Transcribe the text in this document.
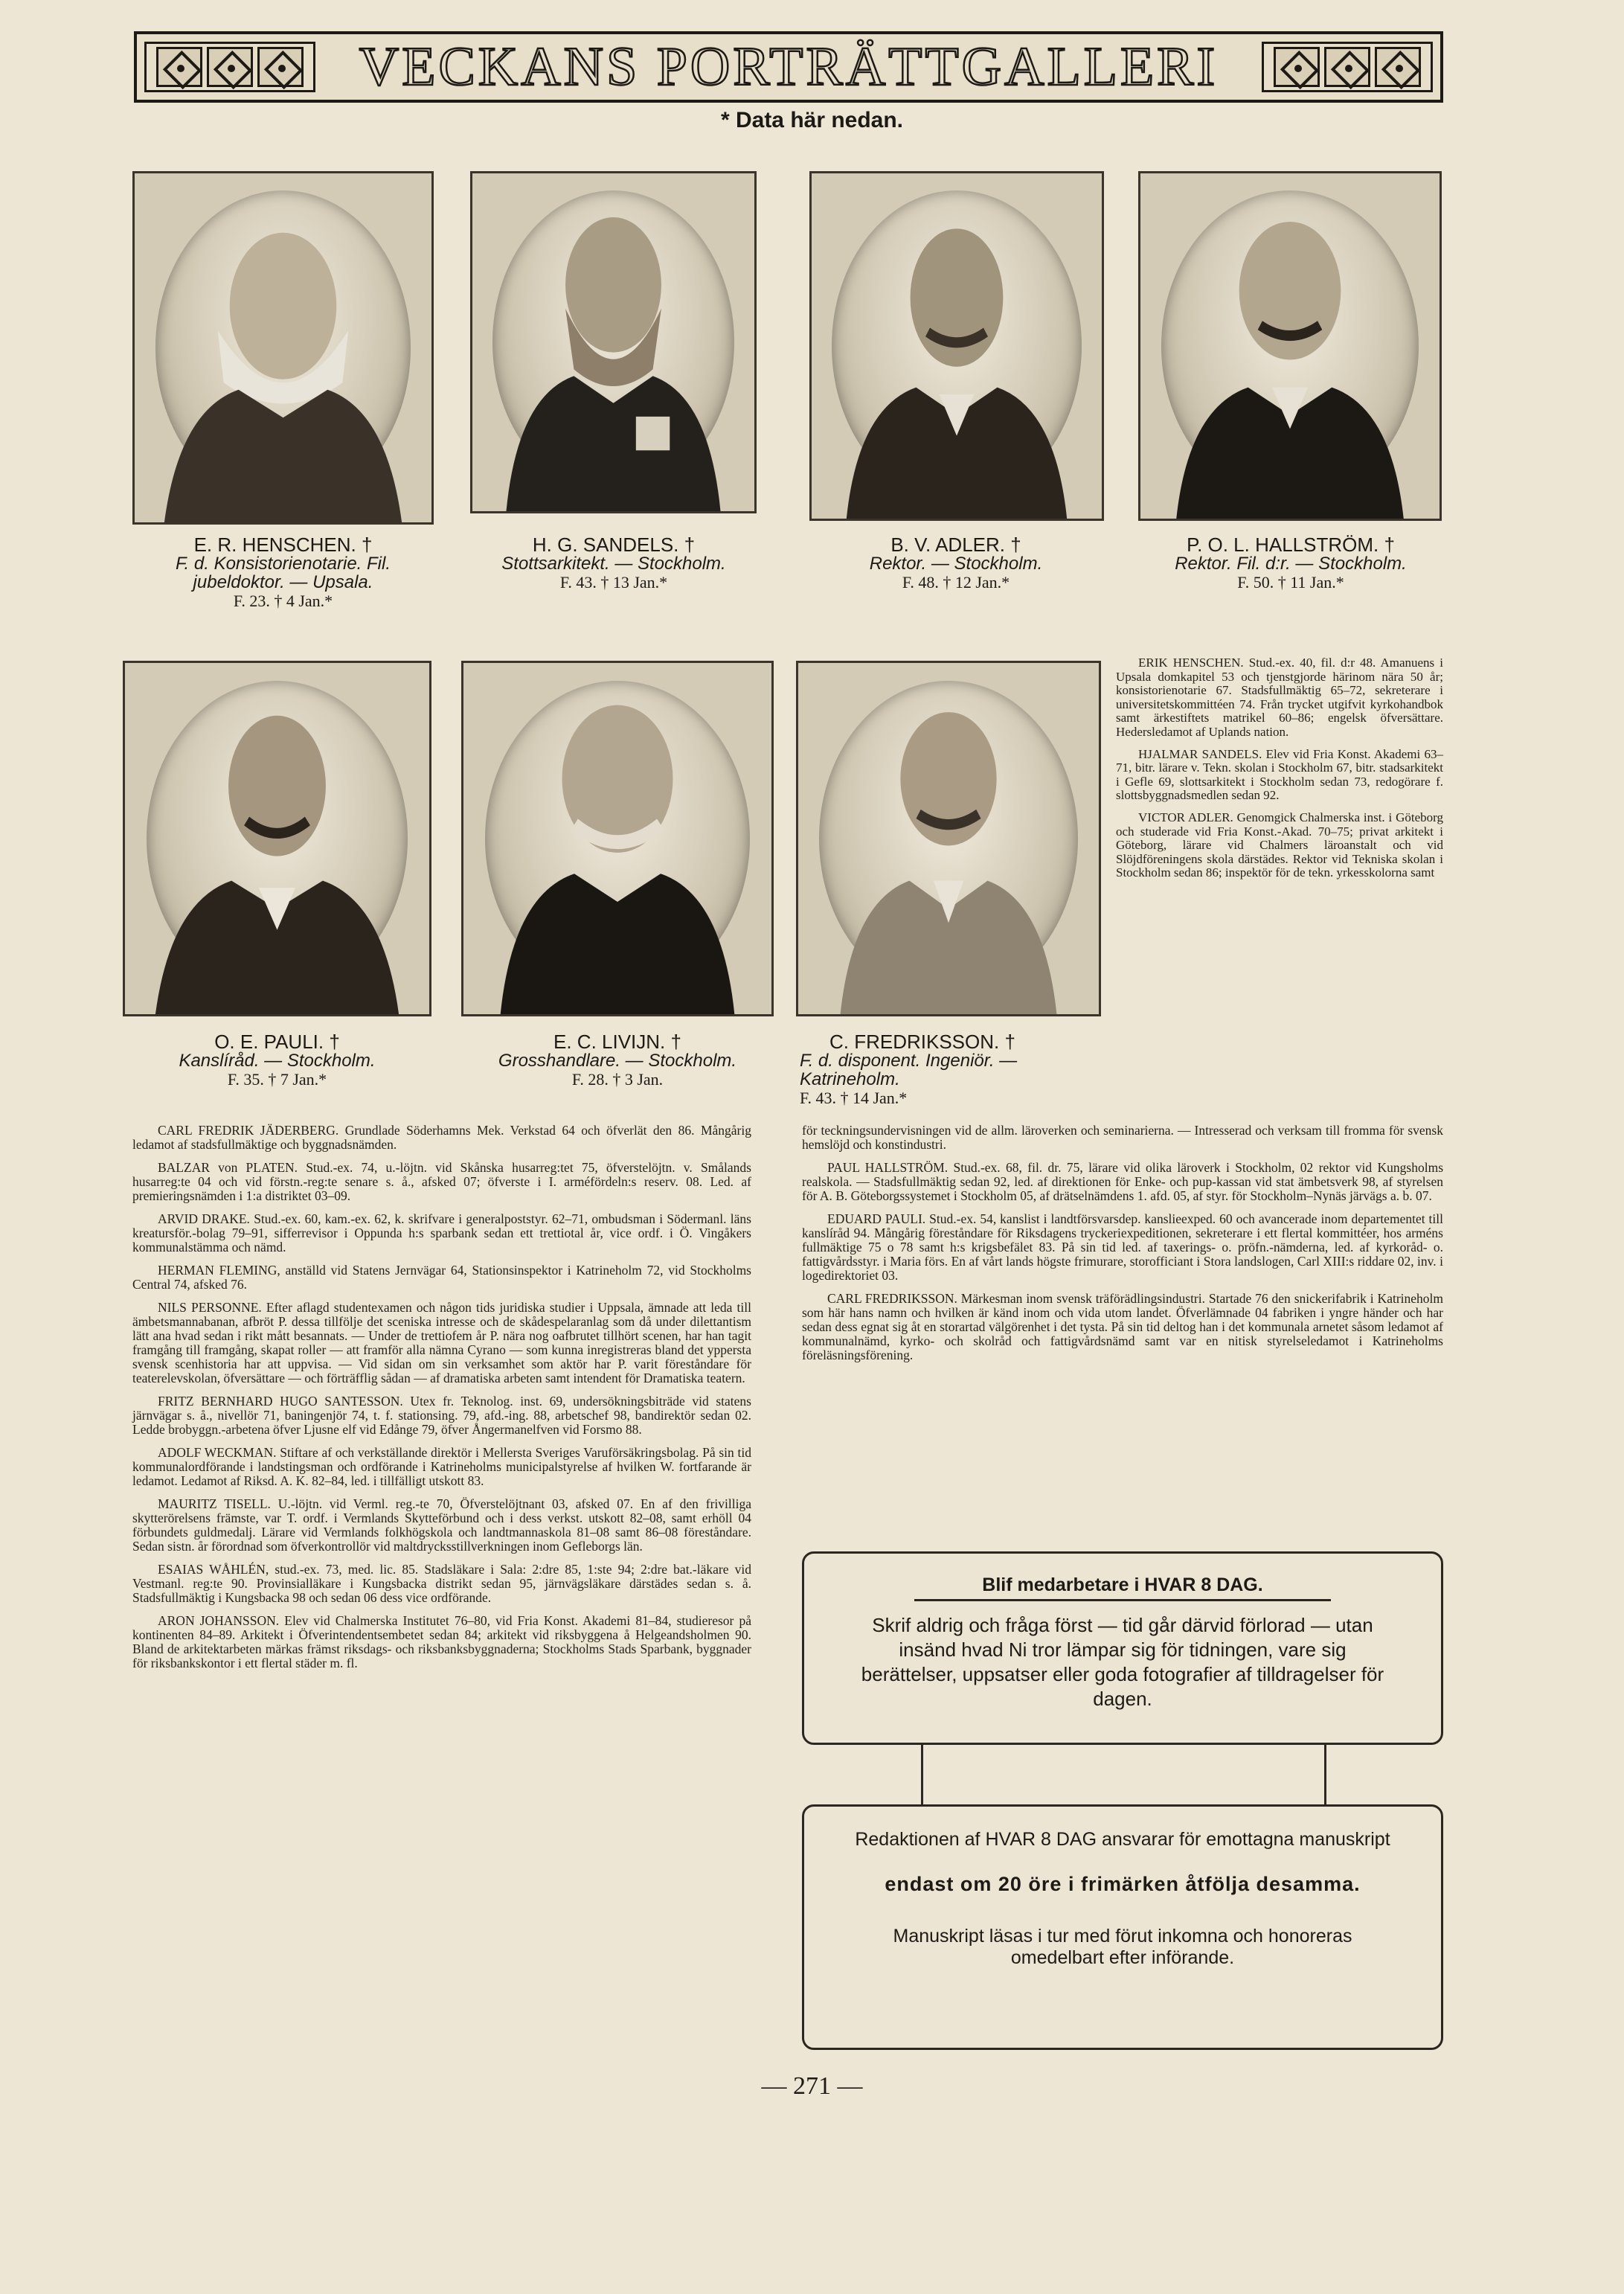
VECKANS PORTRÄTTGALLERI
* Data här nedan.
E. R. HENSCHEN. †
F. d. Konsistorienotarie. Fil. jubeldoktor. — Upsala.
F. 23. † 4 Jan.*
H. G. SANDELS. †
Stottsarkitekt. — Stockholm.
F. 43. † 13 Jan.*
B. V. ADLER. †
Rektor. — Stockholm.
F. 48. † 12 Jan.*
P. O. L. HALLSTRÖM. †
Rektor. Fil. d:r. — Stockholm.
F. 50. † 11 Jan.*
O. E. PAULI. †
Kanslíråd. — Stockholm.
F. 35. † 7 Jan.*
E. C. LIVIJN. †
Grosshandlare. — Stockholm.
F. 28. † 3 Jan.
C. FREDRIKSSON. †
F. d. disponent. Ingeniör. — Katrineholm.
F. 43. † 14 Jan.*

ERIK HENSCHEN. Stud.-ex. 40, fil. d:r 48. Amanuens i Upsala domkapitel 53 och tjenstgjorde härinom nära 50 år; konsistorienotarie 67. Stadsfullmäktig 65–72, sekreterare i universitetskommittéen 74. Från trycket utgifvit kyrkohandbok samt ärkestiftets matrikel 60–86; engelsk öfversättare. Hedersledamot af Uplands nation.

HJALMAR SANDELS. Elev vid Fria Konst. Akademi 63–71, bitr. lärare v. Tekn. skolan i Stockholm 67, bitr. stadsarkitekt i Gefle 69, slottsarkitekt i Stockholm sedan 73, redogörare f. slottsbyggnadsmedlen sedan 92.

VICTOR ADLER. Genomgick Chalmerska inst. i Göteborg och studerade vid Fria Konst.-Akad. 70–75; privat arkitekt i Göteborg, lärare vid Chalmers läroanstalt och vid Slöjdföreningens skola därstädes. Rektor vid Tekniska skolan i Stockholm sedan 86; inspektör för de tekn. yrkesskolorna samt

CARL FREDRIK JÄDERBERG. Grundlade Söderhamns Mek. Verkstad 64 och öfverlät den 86. Mångårig ledamot af stadsfullmäktige och byggnadsnämden.

BALZAR von PLATEN. Stud.-ex. 74, u.-löjtn. vid Skånska husarreg:tet 75, öfverstelöjtn. v. Smålands husarreg:te 04 och vid förstn.-reg:te senare s. å., afsked 07; öfverste i I. arméfördeln:s reserv. 08. Led. af premieringsnämden i 1:a distriktet 03–09.

ARVID DRAKE. Stud.-ex. 60, kam.-ex. 62, k. skrifvare i generalpoststyr. 62–71, ombudsman i Södermanl. läns kreatursför.-bolag 79–91, sifferrevisor i Oppunda h:s sparbank sedan ett trettiotal år, vice ordf. i Ö. Vingåkers kommunalstämma och nämd.

HERMAN FLEMING, anställd vid Statens Jernvägar 64, Stationsinspektor i Katrineholm 72, vid Stockholms Central 74, afsked 76.

NILS PERSONNE. Efter aflagd studentexamen och någon tids juridiska studier i Uppsala, ämnade att leda till ämbetsmannabanan, afbröt P. dessa tillfölje det sceniska intresse och de skådespelaranlag som då under dilettantism lätt ana hvad sedan i rikt mått besannats. — Under de trettiofem år P. nära nog oafbrutet tillhört scenen, har han tagit framgång till framgång, skapat roller — att framför alla nämna Cyrano — som kunna inregistreras bland det yppersta svensk scenhistoria har att uppvisa. — Vid sidan om sin verksamhet som aktör har P. varit föreståndare för teaterelevskolan, öfversättare — och förträfflig sådan — af dramatiska arbeten samt intendent för Dramatiska teatern.

FRITZ BERNHARD HUGO SANTESSON. Utex fr. Teknolog. inst. 69, undersökningsbiträde vid statens järnvägar s. å., nivellör 71, baningenjör 74, t. f. stationsing. 79, afd.-ing. 88, arbetschef 98, bandirektör sedan 02. Ledde brobyggn.-arbetena öfver Ljusne elf vid Edånge 79, öfver Ångermanelfven vid Forsmo 88.

ADOLF WECKMAN. Stiftare af och verkställande direktör i Mellersta Sveriges Varuförsäkringsbolag. På sin tid kommunalordförande i landstingsman och ordförande i Katrineholms municipalstyrelse af hvilken W. fortfarande är ledamot. Ledamot af Riksd. A. K. 82–84, led. i tillfälligt utskott 83.

MAURITZ TISELL. U.-löjtn. vid Verml. reg.-te 70, Öfverstelöjtnant 03, afsked 07. En af den frivilliga skytterörelsens främste, var T. ordf. i Vermlands Skytteförbund och i dess verkst. utskott 82–08, samt erhöll 04 förbundets guldmedalj. Lärare vid Vermlands folkhögskola och landtmannaskola 81–08 samt 86–08 föreståndare. Sedan sistn. år förordnad som öfverkontrollör vid maltdrycksstillverkningen inom Gefleborgs län.

ESAIAS WÅHLÉN, stud.-ex. 73, med. lic. 85. Stadsläkare i Sala: 2:dre 85, 1:ste 94; 2:dre bat.-läkare vid Vestmanl. reg:te 90. Provinsialläkare i Kungsbacka distrikt sedan 95, järnvägsläkare därstädes sedan s. å. Stadsfullmäktig i Kungsbacka 98 och sedan 06 dess vice ordförande.

ARON JOHANSSON. Elev vid Chalmerska Institutet 76–80, vid Fria Konst. Akademi 81–84, studieresor på kontinenten 84–89. Arkitekt i Öfverintendentsembetet sedan 84; arkitekt vid riksbyggena å Helgeandsholmen 90. Bland de arkitektarbeten märkas främst riksdags- och riksbanksbyggnaderna; Stockholms Stads Sparbank, byggnader för riksbankskontor i ett flertal städer m. fl.

för teckningsundervisningen vid de allm. läroverken och seminarierna. — Intresserad och verksam till fromma för svensk hemslöjd och konstindustri.

PAUL HALLSTRÖM. Stud.-ex. 68, fil. dr. 75, lärare vid olika läroverk i Stockholm, 02 rektor vid Kungsholms realskola. — Stadsfullmäktig sedan 92, led. af direktionen för Enke- och pup-kassan vid stat ämbetsverk 98, af styrelsen för A. B. Göteborgssystemet i Stockholm 05, af drätselnämdens 1. afd. 05, af styr. för Stockholm–Nynäs järvägs a. b. 07.

EDUARD PAULI. Stud.-ex. 54, kanslist i landtförsvarsdep. kanslieexped. 60 och avancerade inom departementet till kanslíråd 94. Mångårig föreståndare för Riksdagens tryckeriexpeditionen, sekreterare i ett flertal kommittéer, hos arméns fullmäktige 75 o 78 samt h:s krigsbefälet 83. På sin tid led. af taxerings- o. pröfn.-nämderna, led. af kyrkoråd- o. fattigvårdsstyr. i Maria förs. En af vårt lands högste frimurare, storofficiant i Stora landslogen, Carl XIII:s riddare 02, inv. i logedirektoriet 03.

CARL FREDRIKSSON. Märkesman inom svensk träförädlingsindustri. Startade 76 den snickerifabrik i Katrineholm som här hans namn och hvilken är känd inom och vida utom landet. Öfverlämnade 04 fabriken i yngre händer och har sedan dess egnat sig åt en storartad välgörenhet i det tysta. På sin tid deltog han i det kommunala arnetet såsom ledamot af kommunalnämd, kyrko- och skolråd och fattigvårdsnämd samt var en nitisk styrelseledamot i Katrineholms föreläsningsförening.

Blif medarbetare i HVAR 8 DAG.
Skrif aldrig och fråga först — tid går därvid förlorad — utan insänd hvad Ni tror lämpar sig för tidningen, vare sig berättelser, uppsatser eller goda fotografier af tilldragelser för dagen.
Redaktionen af HVAR 8 DAG ansvarar för emottagna manuskript
endast om 20 öre i frimärken åtfölja desamma.
Manuskript läsas i tur med förut inkomna och honoreras omedelbart efter införande.
— 271 —
